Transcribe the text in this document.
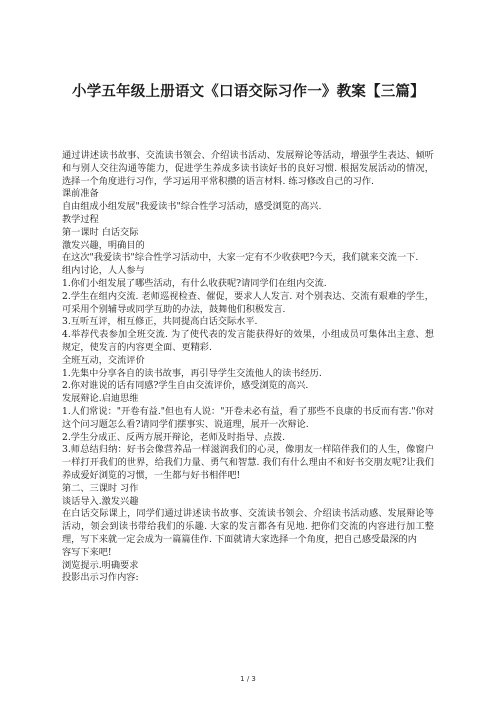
小学五年级上册语文《口语交际习作一》教案【三篇】

通过讲述读书故事、交流读书领会、介绍读书活动、发展辩论等活动，增强学生表达、倾听和与别人交往沟通等能力，促进学生养成多读书读好书的良好习惯. 根据发展活动的情况，选择一个角度进行习作，学习运用平常积攒的语言材料. 练习修改自己的习作.

课前准备

自由组成小组发展"我爱读书"综合性学习活动，感受浏览的高兴.

教学过程

第一课时 白话交际

激发兴趣，明确目的

在这次"我爱读书"综合性学习活动中，大家一定有不少收获吧?今天，我们就来交流一下.

组内讨论，人人参与

1.你们小组发展了哪些活动，有什么收获呢?请同学们在组内交流.

2.学生在组内交流. 老师巡视检查、催促，要求人人发言. 对个别表达、交流有艰难的学生，可采用个别辅导或同学互助的办法，鼓舞他们积极发言.

3.互听互评，相互修正，共同提高白话交际水平.

4.举荐代表参加全班交流. 为了使代表的发言能获得好的效果，小组成员可集体出主意、想规定，使发言的内容更全面、更精彩.

全班互动，交流评价

1.先集中分享各自的读书故事，再引导学生交流他人的读书经历.

2.你对谁说的话有同感?学生自由交流评价，感受浏览的高兴.

发展辩论.启迪思维

1.人们常说："开卷有益."但也有人说："开卷未必有益，看了那些不良康的书反而有害."你对这个问习题怎么看?请同学们摆事实、说道理，展开一次辩论.

2.学生分成正、反两方展开辩论，老师及时指导、点拨.

3.师总结归纳：好书会像营养品一样滋润我们的心灵，像朋友一样陪伴我们的人生，像窗户一样打开我们的世界，给我们力量、勇气和智慧. 我们有什么理由不和好书交朋友呢?让我们养成爱好浏览的习惯，一生都与好书相伴吧!

第二、三课时 习作

谈话导入.激发兴趣

在白话交际课上，同学们通过讲述读书故事、交流读书领会、介绍读书活动感、发展辩论等活动，领会到读书带给我们的乐趣. 大家的发言都各有见地. 把你们交流的内容进行加工整理，写下来就一定会成为一篇篇佳作. 下面就请大家选择一个角度，把自己感受最深的内

容写下来吧!

浏览提示.明确要求

投影出示习作内容:

1 / 3
